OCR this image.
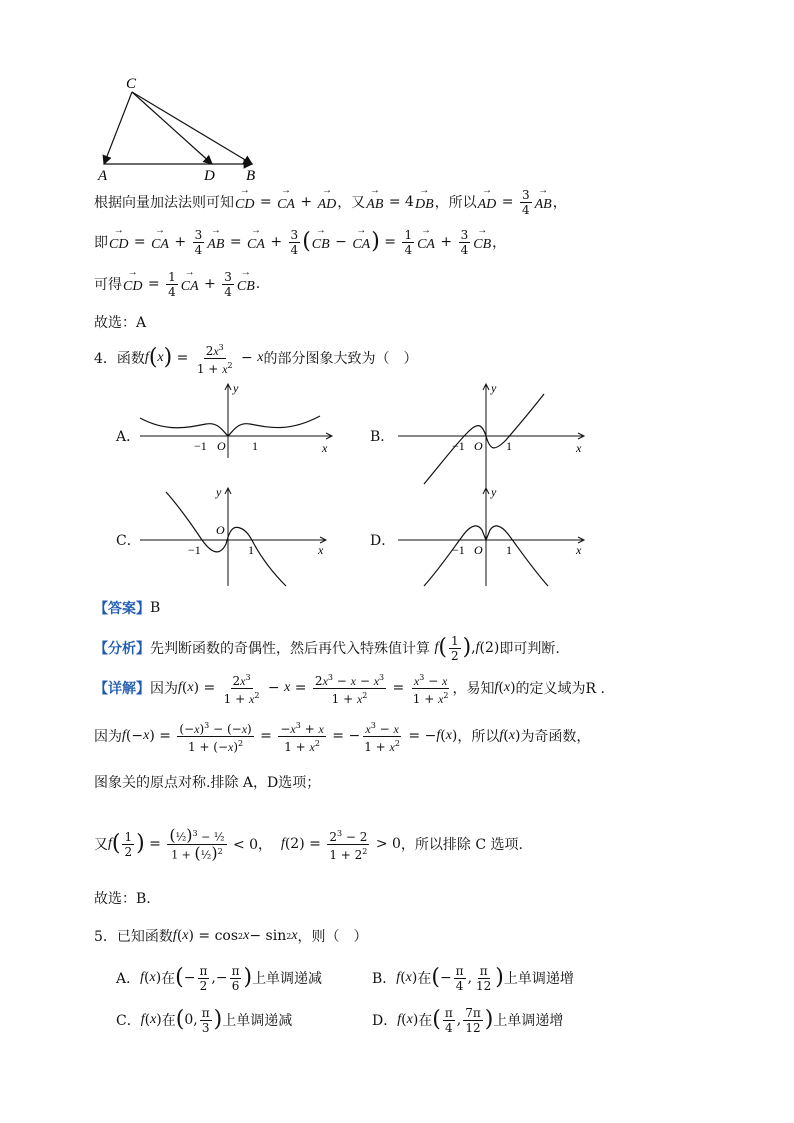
C
A	D B
根据向量加法法则可知 → CD = → CA + → AD ，又 → AB = 4 → DB ，所以 → AD = $\frac{3}{4}$ → AB ，
即 → CD = → CA + $\frac{3}{4}$ → AB = → CA + $\frac{3}{4}$ ( → CB − → CA ) = $\frac{1}{4}$ → CA + $\frac{3}{4}$ → CB ，
可得 → CD = $\frac{1}{4}$ → CA + $\frac{3}{4}$ → CB .
故选：A
4．函数 f ( x ) = $\frac{2x^3}{1 + x^2} - x$ 的部分图象大致为（　）
A．
y
x
O
−1	1
B．
y
x
O
−1	1
C．
y
x
O
−1	1
D．
y
x
O
−1	1
【答案】 B
【分析】 先判断函数的奇偶性，然后再代入特殊值计算
f ( $\frac{1}{2}$ ) , f (2) 即可判断.
【详解】 因为 f ( x ) = $\frac{2x^3}{1 + x^2} - x = \frac{2x^3 - x - x^3}{1 + x^2} = \frac{x^3 - x}{1 + x^2}$ ，易知 f ( x ) 的定义域为R .
因为 f (− x ) = $\frac{(-x)^3 - (-x)}{1 + (-x)^2} = \frac{-x^3 + x}{1 + x^2}$ = − $\frac{x^3 - x}{1 + x^2}$ = − f ( x ) ，所以 f ( x ) 为奇函数，
图象关的原点对称.排除 A，D选项；
又 f ( $\frac{1}{2}$ ) = $\frac{(\frac{1}{2})^3 - \frac{1}{2}}{1 + (\frac{1}{2})^2} < 0$， f $(2) = \frac{2^3 - 2}{1 + 2^2} > 0$ ，所以排除 C 选项.
故选：B.
5．已知函数 f ( x ) = cos 2 x − sin 2 x ，则（　）
A． f ( x ) 在 ( − $\frac{\pi}{2}$ ,− $\frac{\pi}{6}$ ) 上单调递减	B． f ( x ) 在 ( − $\frac{\pi}{4}$ , $\frac{\pi}{12}$ ) 上单调递增
C． f ( x ) 在 ( 0, $\frac{\pi}{3}$ ) 上单调递减	D． f ( x ) 在 ( $\frac{\pi}{4}$ , $\frac{7\pi}{12}$ ) 上单调递增
